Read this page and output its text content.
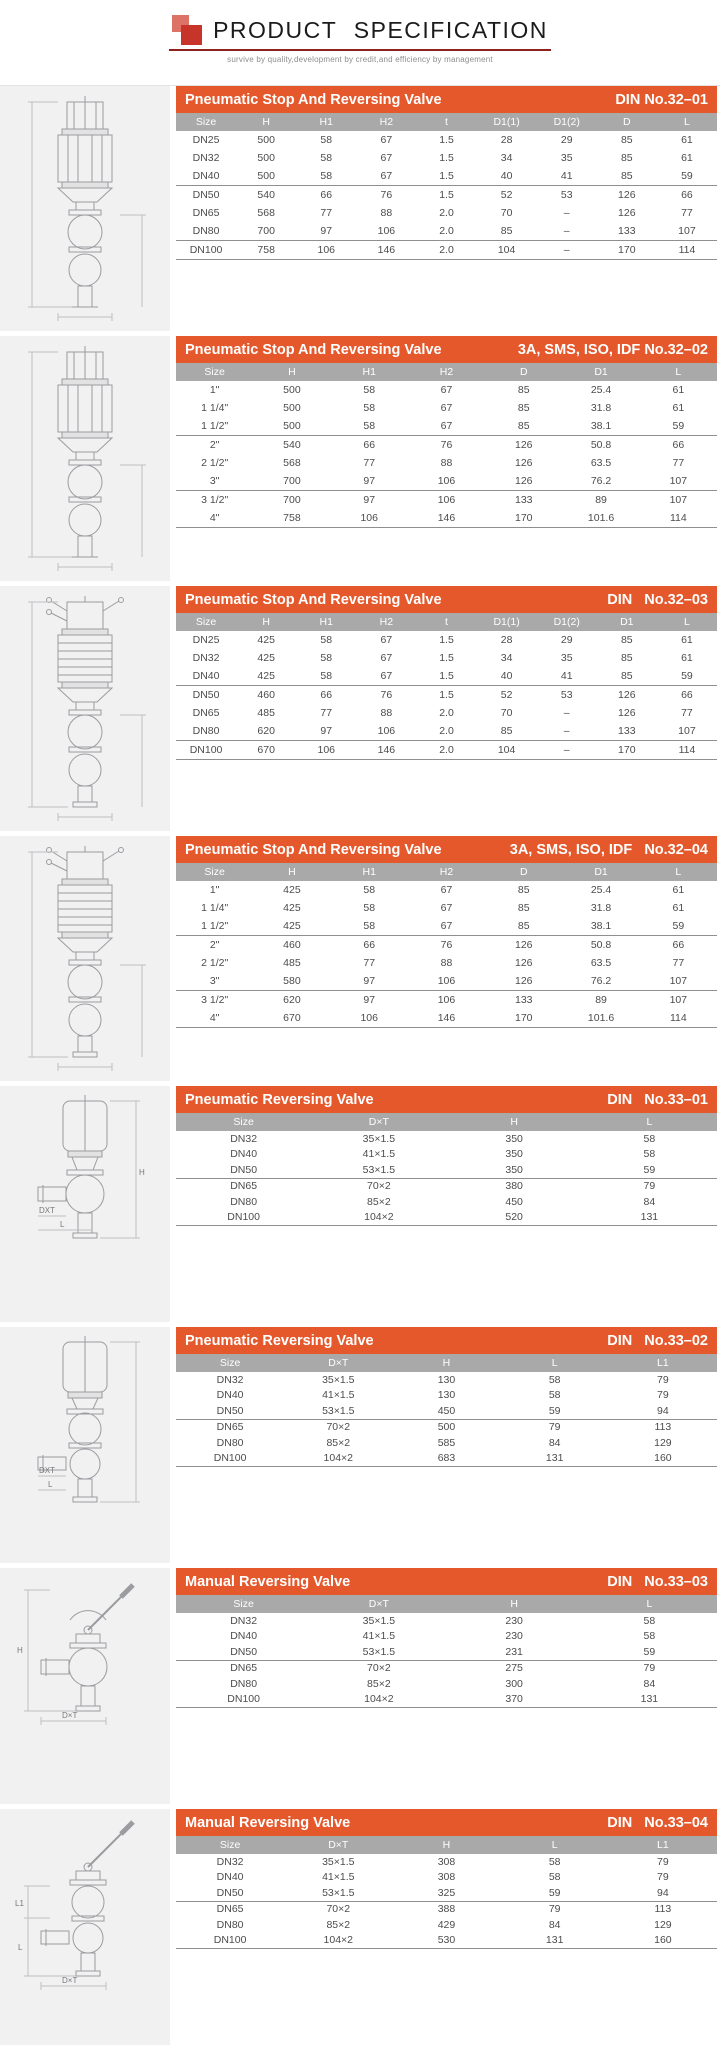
PRODUCT SPECIFICATION
survive by quality,development by credit,and efficiency by management
Pneumatic Stop And Reversing Valve	DIN No.32–01
Size	H	H1	H2	t	D1(1)	D1(2)	D	L
DN25	500	58	67	1.5	28	29	85	61
DN32	500	58	67	1.5	34	35	85	61
DN40	500	58	67	1.5	40	41	85	59
DN50	540	66	76	1.5	52	53	126	66
DN65	568	77	88	2.0	70	–	126	77
DN80	700	97	106	2.0	85	–	133	107
DN100	758	106	146	2.0	104	–	170	114
Pneumatic Stop And Reversing Valve	3A, SMS, ISO, IDF No.32–02
Size	H	H1	H2	D	D1	L
1"	500	58	67	85	25.4	61
1 1/4"	500	58	67	85	31.8	61
1 1/2"	500	58	67	85	38.1	59
2"	540	66	76	126	50.8	66
2 1/2"	568	77	88	126	63.5	77
3"	700	97	106	126	76.2	107
3 1/2"	700	97	106	133	89	107
4"	758	106	146	170	101.6	114
Pneumatic Stop And Reversing Valve	DIN   No.32–03
Size	H	H1	H2	t	D1(1)	D1(2)	D1	L
DN25	425	58	67	1.5	28	29	85	61
DN32	425	58	67	1.5	34	35	85	61
DN40	425	58	67	1.5	40	41	85	59
DN50	460	66	76	1.5	52	53	126	66
DN65	485	77	88	2.0	70	–	126	77
DN80	620	97	106	2.0	85	–	133	107
DN100	670	106	146	2.0	104	–	170	114
Pneumatic Stop And Reversing Valve	3A, SMS, ISO, IDF   No.32–04
Size	H	H1	H2	D	D1	L
1"	425	58	67	85	25.4	61
1 1/4"	425	58	67	85	31.8	61
1 1/2"	425	58	67	85	38.1	59
2"	460	66	76	126	50.8	66
2 1/2"	485	77	88	126	63.5	77
3"	580	97	106	126	76.2	107
3 1/2"	620	97	106	133	89	107
4"	670	106	146	170	101.6	114
H
DXT
L
Pneumatic Reversing Valve	DIN   No.33–01
Size	D×T	H	L
DN32	35×1.5	350	58
DN40	41×1.5	350	58
DN50	53×1.5	350	59
DN65	70×2	380	79
DN80	85×2	450	84
DN100	104×2	520	131
DXT
L
Pneumatic Reversing Valve	DIN   No.33–02
Size	D×T	H	L	L1
DN32	35×1.5	130	58	79
DN40	41×1.5	130	58	79
DN50	53×1.5	450	59	94
DN65	70×2	500	79	113
DN80	85×2	585	84	129
DN100	104×2	683	131	160
H
D×T
Manual Reversing Valve	DIN   No.33–03
Size	D×T	H	L
DN32	35×1.5	230	58
DN40	41×1.5	230	58
DN50	53×1.5	231	59
DN65	70×2	275	79
DN80	85×2	300	84
DN100	104×2	370	131
L1
L
D×T
Manual Reversing Valve	DIN   No.33–04
Size	D×T	H	L	L1
DN32	35×1.5	308	58	79
DN40	41×1.5	308	58	79
DN50	53×1.5	325	59	94
DN65	70×2	388	79	113
DN80	85×2	429	84	129
DN100	104×2	530	131	160
